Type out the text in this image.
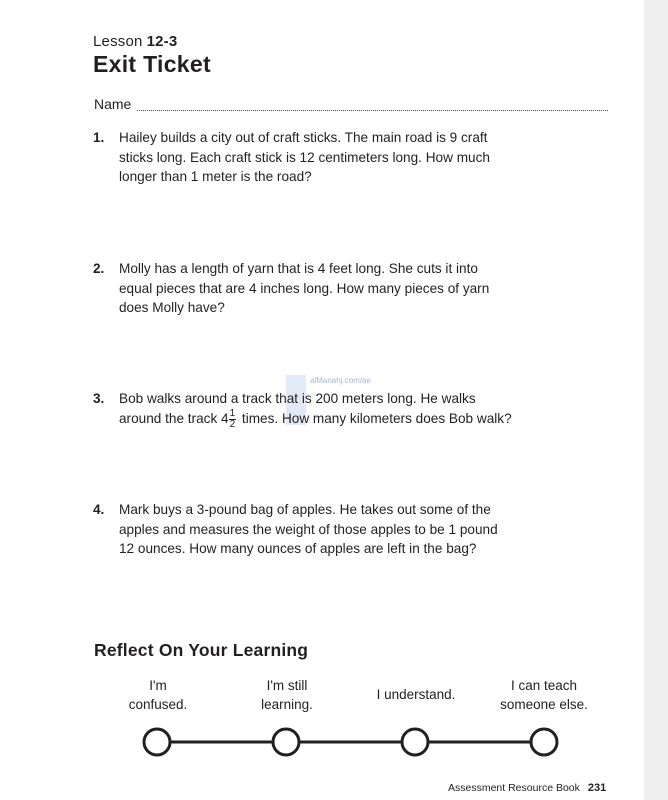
Lesson 12-3
Exit Ticket
Name
1. Hailey builds a city out of craft sticks. The main road is 9 craft
sticks long. Each craft stick is 12 centimeters long. How much
longer than 1 meter is the road?
2. Molly has a length of yarn that is 4 feet long. She cuts it into
equal pieces that are 4 inches long. How many pieces of yarn
does Molly have?
alManahj.com/ae
3. Bob walks around a track that is 200 meters long. He walks
around the track $4 \frac{1}{2}$ times. How many kilometers does Bob walk?
4. Mark buys a 3-pound bag of apples. He takes out some of the
apples and measures the weight of those apples to be 1 pound
12 ounces. How many ounces of apples are left in the bag?
Reflect On Your Learning
I'm
confused.
I'm still
learning.
I understand.
I can teach
someone else.
Assessment Resource Book 231
